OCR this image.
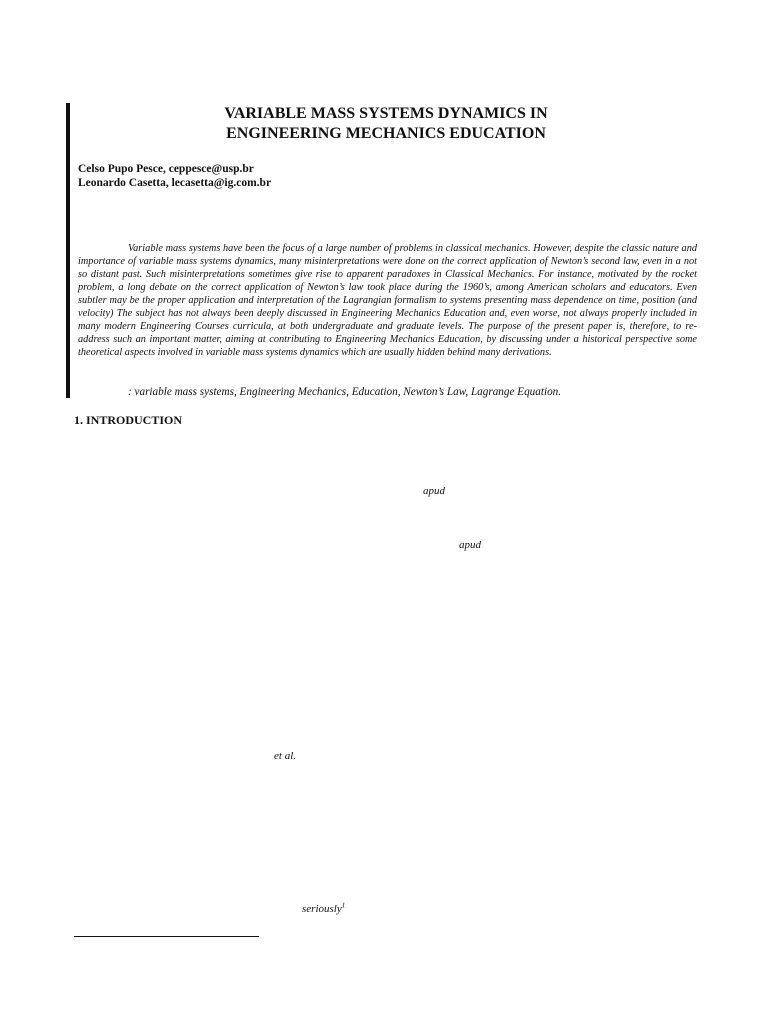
VARIABLE MASS SYSTEMS DYNAMICS IN
ENGINEERING MECHANICS EDUCATION
Celso Pupo Pesce, ceppesce@usp.br
Leonardo Casetta, lecasetta@ig.com.br

Variable mass systems have been the focus of a large number of problems in classical mechanics. However, despite the classic nature and importance of variable mass systems dynamics, many misinterpretations were done on the correct application of Newton’s second law, even in a not so distant past. Such misinterpretations sometimes give rise to apparent paradoxes in Classical Mechanics. For instance, motivated by the rocket problem, a long debate on the correct application of Newton’s law took place during the 1960’s, among American scholars and educators. Even subtler may be the proper application and interpretation of the Lagrangian formalism to systems presenting mass dependence on time, position (and velocity) The subject has not always been deeply discussed in Engineering Mechanics Education and, even worse, not always properly included in many modern Engineering Courses curricula, at both undergraduate and graduate levels. The purpose of the present paper is, therefore, to re-address such an important matter, aiming at contributing to Engineering Mechanics Education, by discussing under a historical perspective some theoretical aspects involved in variable mass systems dynamics which are usually hidden behind many derivations.

: variable mass systems, Engineering Mechanics, Education, Newton’s Law, Lagrange Equation.
1. INTRODUCTION
apud
apud
et al.
seriously$^1$
